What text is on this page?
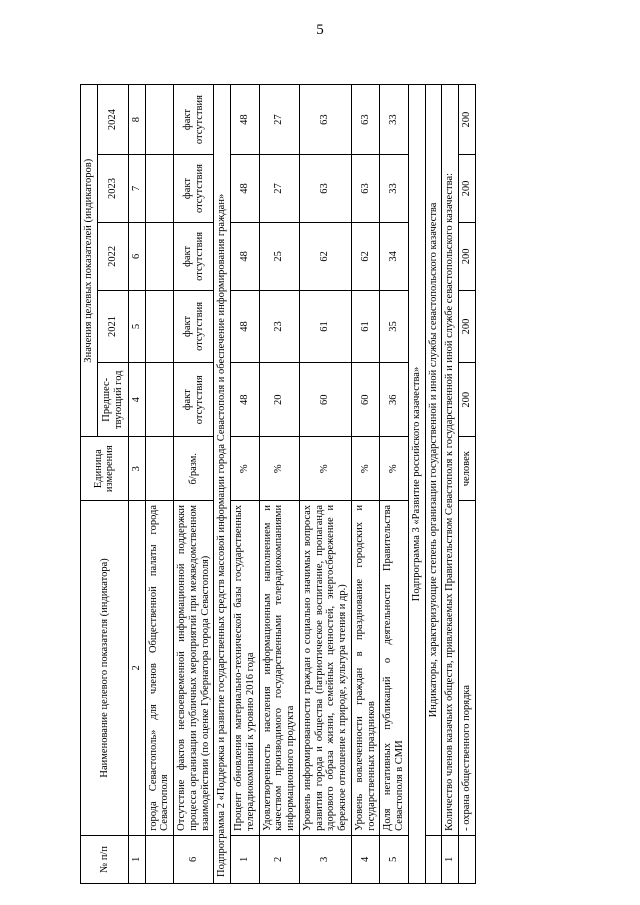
5
№ п/п	Наименование целевого показателя (индикатора)	Единица измерения	Значения целевых показателей (индикаторов)				
			Предшес-твующий год	2021	2022	2023	2024
1	2	3	4	5	6	7	8
	города Севастополь» для членов Общественной палаты города Севастополя						
6	Отсутствие фактов несвоевременной информационной поддержки процесса организации публичных мероприятий при межведомственном взаимодействии (по оценке Губернатора города Севастополя)	б/разм.	факт отсутствия	факт отсутствия	факт отсутствия	факт отсутствия	факт отсутствия
Подпрограмма 2 «Поддержка и развитие государственных средств массовой информации города Севастополя и обеспечение информирования граждан»							
1	Процент обновления материально-технической базы государственных телерадиокомпаний к уровню 2016 года	%	48	48	48	48	48
2	Удовлетворенность населения информационным наполнением и качеством производимого государственными телерадиокомпаниями информационного продукта	%	20	23	25	27	27
3	Уровень информированности граждан о социально значимых вопросах развития города и общества (патриотическое воспитание, пропаганда здорового образа жизни, семейных ценностей, энергосбережение и бережное отношение к природе, культура чтения и др.)	%	60	61	62	63	63
4	Уровень вовлеченности граждан в празднование городских и государственных праздников	%	60	61	62	63	63
5	Доля негативных публикаций о деятельности Правительства Севастополя в СМИ	%	36	35	34	33	33
Подпрограмма 3 «Развитие российского казачества»							
	Индикаторы, характеризующие степень организации государственной и иной службы севастопольского казачества						
1	Количество членов казачьих обществ, привлекаемых Правительством Севастополя к государственной и иной службе севастопольского казачества:						
	- охрана общественного порядка	человек	200	200	200	200	200
